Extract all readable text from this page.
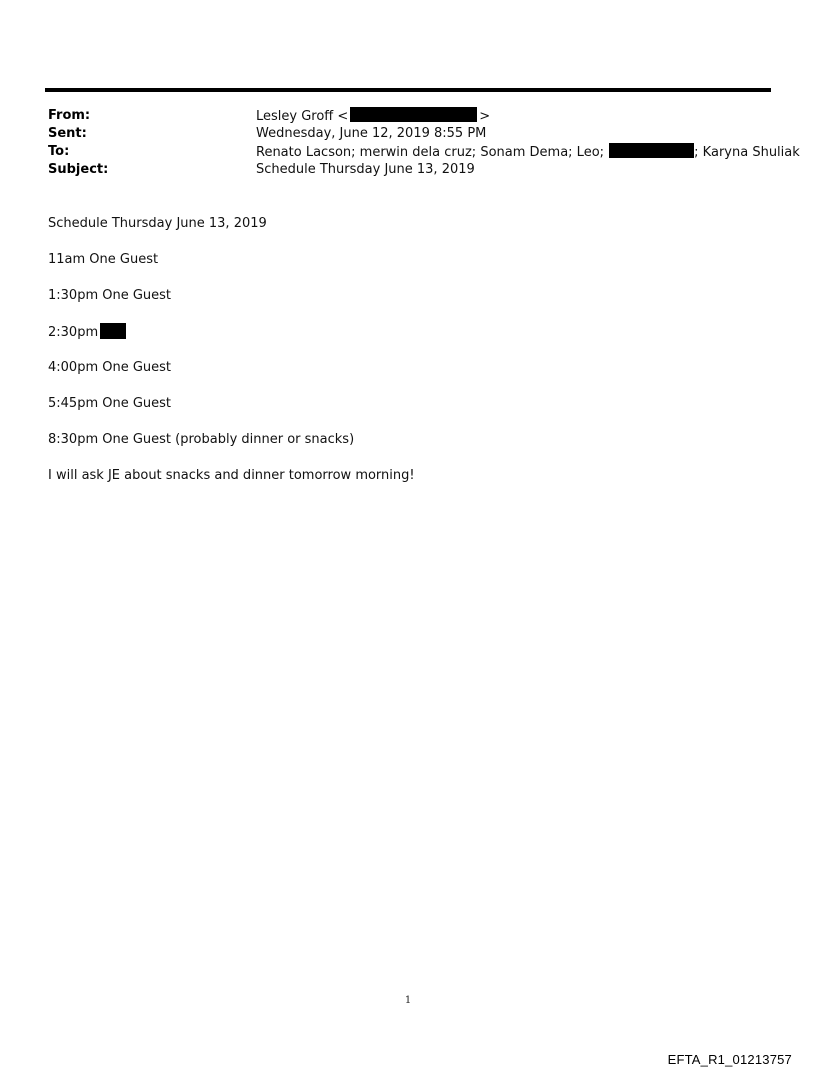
From:	Lesley Groff <	>
Sent:	Wednesday, June 12, 2019 8:55 PM
To:	Renato Lacson; merwin dela cruz; Sonam Dema; Leo;	; Karyna Shuliak
Subject:	Schedule Thursday June 13, 2019

Schedule Thursday June 13, 2019

11am One Guest

1:30pm One Guest

2:30pm

4:00pm One Guest

5:45pm One Guest

8:30pm One Guest (probably dinner or snacks)

I will ask JE about snacks and dinner tomorrow morning!

1
EFTA_R1_01213757
